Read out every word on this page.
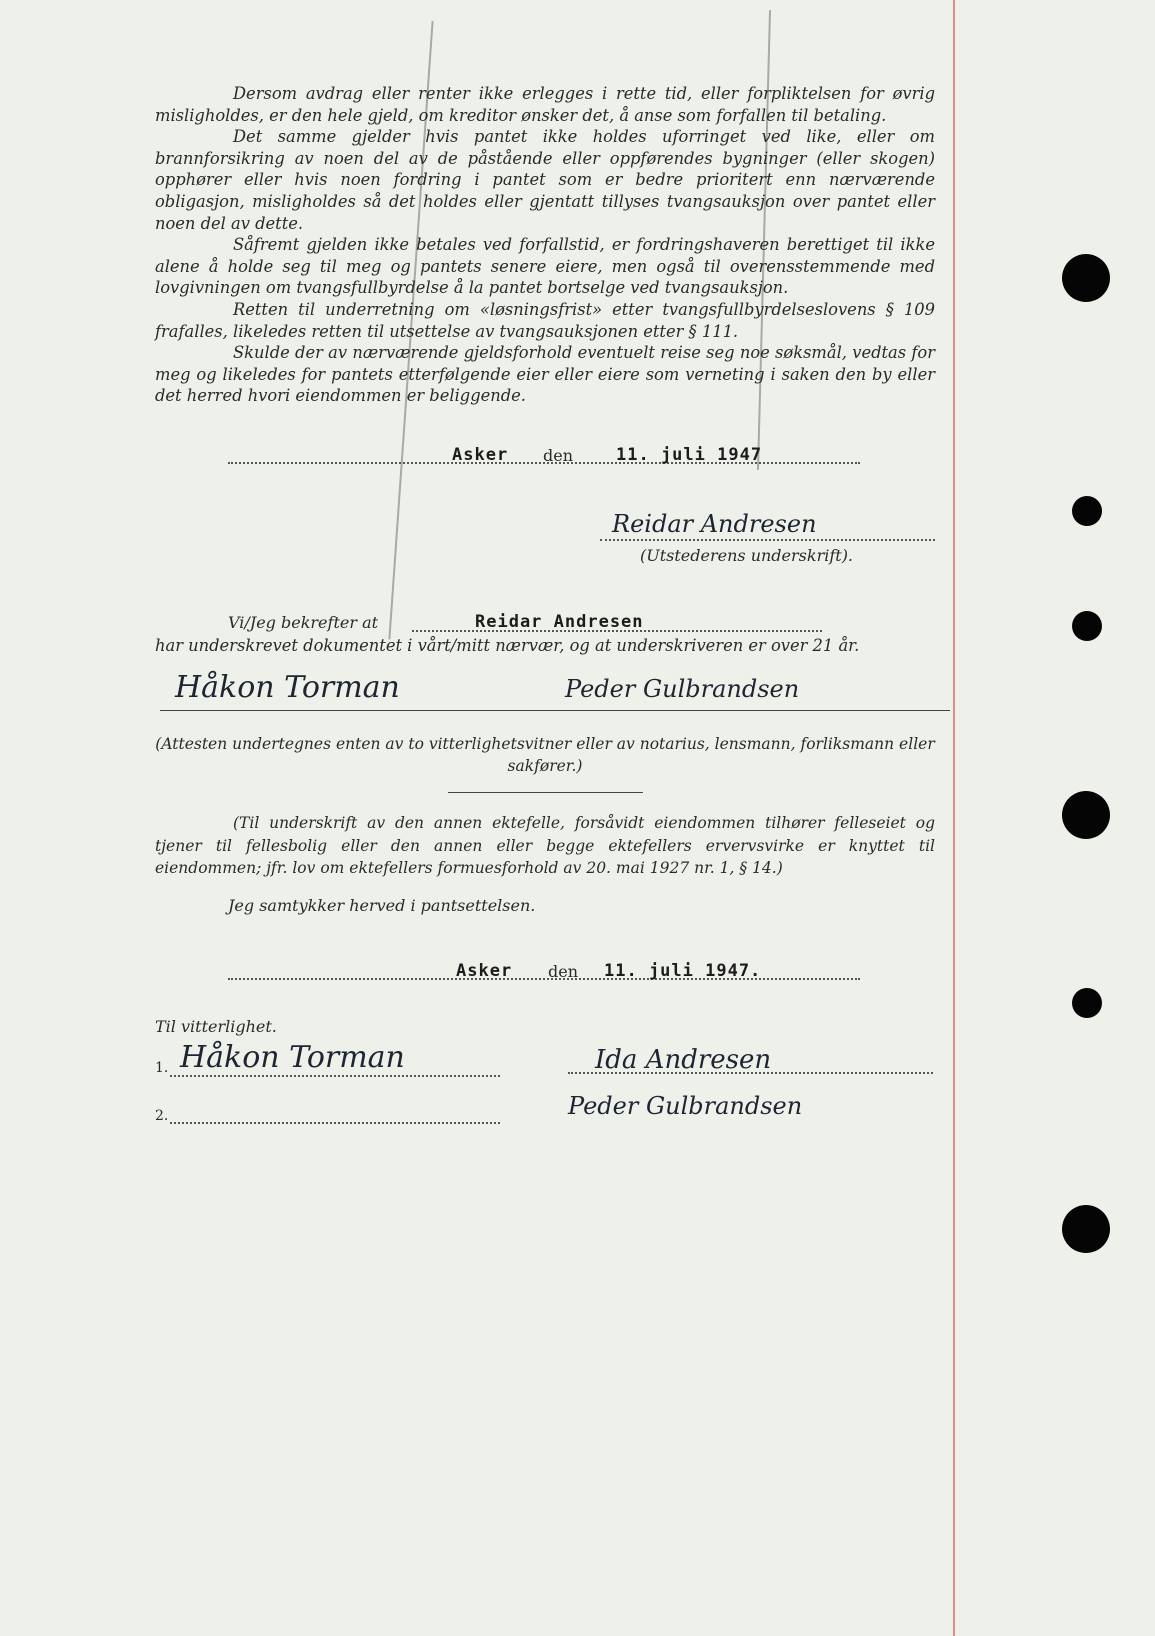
Dersom avdrag eller renter ikke erlegges i rette tid, eller forpliktelsen for øvrig misligholdes, er den hele gjeld, om kreditor ønsker det, å anse som forfallen til betaling.

Det samme gjelder hvis pantet ikke holdes uforringet ved like, eller om brannforsikring av noen del av de påstående eller oppførendes bygninger (eller skogen) opphører eller hvis noen fordring i pantet som er bedre prioritert enn nærværende obligasjon, misligholdes så det holdes eller gjentatt tillyses tvangsauksjon over pantet eller noen del av dette.

Såfremt gjelden ikke betales ved forfallstid, er fordringshaveren berettiget til ikke alene å holde seg til meg og pantets senere eiere, men også til overensstemmende med lovgivningen om tvangsfullbyrdelse å la pantet bortselge ved tvangsauksjon.

Retten til underretning om «løsningsfrist» etter tvangsfullbyrdelseslovens § 109 frafalles, likeledes retten til utsettelse av tvangsauksjonen etter § 111.

Skulde der av nærværende gjeldsforhold eventuelt reise seg noe søksmål, vedtas for meg og likeledes for pantets etterfølgende eier eller eiere som verneting i saken den by eller det herred hvori eiendommen er beliggende.

Asker den	11. juli 1947
Reidar Andresen
(Utstederens underskrift).
Vi/Jeg bekrefter at	Reidar Andresen
har underskrevet dokumentet i vårt/mitt nærvær, og at underskriveren er over 21 år.
Håkon Torman	Peder Gulbrandsen
(Attesten undertegnes enten av to vitterlighetsvitner eller av notarius, lensmann, forliksmann eller sakfører.)
(Til underskrift av den annen ektefelle, forsåvidt eiendommen tilhører felleseiet og tjener til fellesbolig eller den annen eller begge ektefellers ervervsvirke er knyttet til eiendommen; jfr. lov om ektefellers formuesforhold av 20. mai 1927 nr. 1, § 14.)
Jeg samtykker herved i pantsettelsen.
Asker den 11. juli 1947.
Til vitterlighet.
1. Håkon Torman	Ida Andresen
2.	Peder Gulbrandsen
